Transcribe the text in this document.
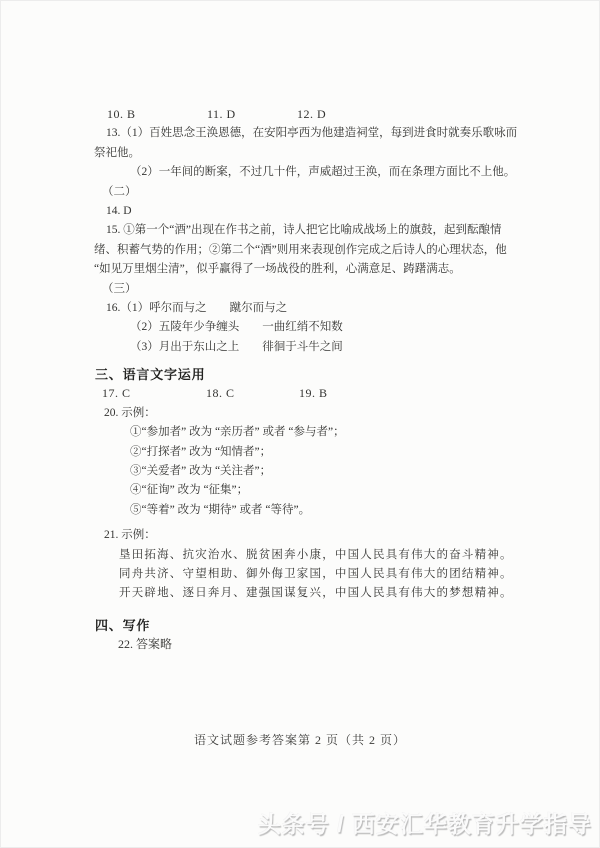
10. B	11. D	12. D
13.（1）百姓思念王涣恩德，在安阳亭西为他建造祠堂，每到进食时就奏乐歌咏而
祭祀他。
（2）一年间的断案，不过几十件，声威超过王涣，而在条理方面比不上他。
（二）
14. D
15. ①第一个“酒”出现在作书之前，诗人把它比喻成战场上的旗鼓，起到酝酿情
绪、积蓄气势的作用；②第二个“酒”则用来表现创作完成之后诗人的心理状态，他
“如见万里烟尘清”，似乎赢得了一场战役的胜利，心满意足、踌躇满志。
（三）
16.（1）呼尔而与之　　蹴尔而与之
（2）五陵年少争缠头　　一曲红绡不知数
（3）月出于东山之上　　徘徊于斗牛之间
三、语言文字运用
17. C	18. C	19. B
20. 示例：
①“参加者” 改为 “亲历者” 或者 “参与者”；
②“打探者” 改为 “知情者”；
③“关爱者” 改为 “关注者”；
④“征询” 改为 “征集”；
⑤“等着” 改为 “期待” 或者 “等待”。
21. 示例：
垦田拓海、抗灾治水、脱贫困奔小康，中国人民具有伟大的奋斗精神。
同舟共济、守望相助、御外侮卫家国，中国人民具有伟大的团结精神。
开天辟地、逐日奔月、建强国谋复兴，中国人民具有伟大的梦想精神。
四、写作
22. 答案略
语文试题参考答案第 2 页（共 2 页）
头条号 / 西安汇华教育升学指导
